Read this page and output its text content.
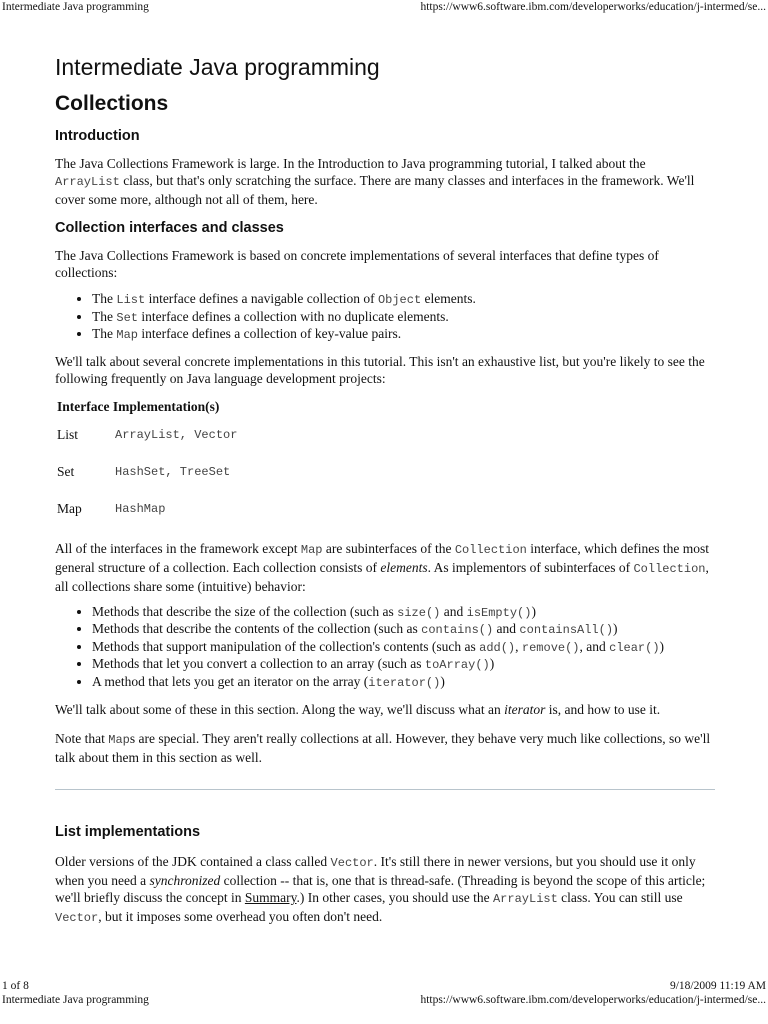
Intermediate Java programming	https://www6.software.ibm.com/developerworks/education/j-intermed/se...
Intermediate Java programming
Collections
Introduction

The Java Collections Framework is large. In the Introduction to Java programming tutorial, I talked about the
ArrayList class, but that's only scratching the surface. There are many classes and interfaces in the framework. We'll cover some more, although not all of them, here.

Collection interfaces and classes

The Java Collections Framework is based on concrete implementations of several interfaces that define types of collections:

• The List interface defines a navigable collection of Object elements.
• The Set interface defines a collection with no duplicate elements.
• The Map interface defines a collection of key-value pairs.

We'll talk about several concrete implementations in this tutorial. This isn't an exhaustive list, but you're likely to see the following frequently on Java language development projects:

Interface Implementation(s)	
List	ArrayList, Vector
Set	HashSet, TreeSet
Map	HashMap

All of the interfaces in the framework except Map are subinterfaces of the Collection interface, which defines the most general structure of a collection. Each collection consists of elements. As implementors of subinterfaces of Collection, all collections share some (intuitive) behavior:

• Methods that describe the size of the collection (such as size() and isEmpty())
• Methods that describe the contents of the collection (such as contains() and containsAll())
• Methods that support manipulation of the collection's contents (such as add(), remove(), and clear())
• Methods that let you convert a collection to an array (such as toArray())
• A method that lets you get an iterator on the array (iterator())

We'll talk about some of these in this section. Along the way, we'll discuss what an iterator is, and how to use it.

Note that Maps are special. They aren't really collections at all. However, they behave very much like collections, so we'll talk about them in this section as well.

List implementations

Older versions of the JDK contained a class called Vector. It's still there in newer versions, but you should use it only when you need a synchronized collection -- that is, one that is thread-safe. (Threading is beyond the scope of this article; we'll briefly discuss the concept in Summary.) In other cases, you should use the ArrayList class. You can still use Vector, but it imposes some overhead you often don't need.

1 of 8	9/18/2009 11:19 AM
Intermediate Java programming	https://www6.software.ibm.com/developerworks/education/j-intermed/se...
